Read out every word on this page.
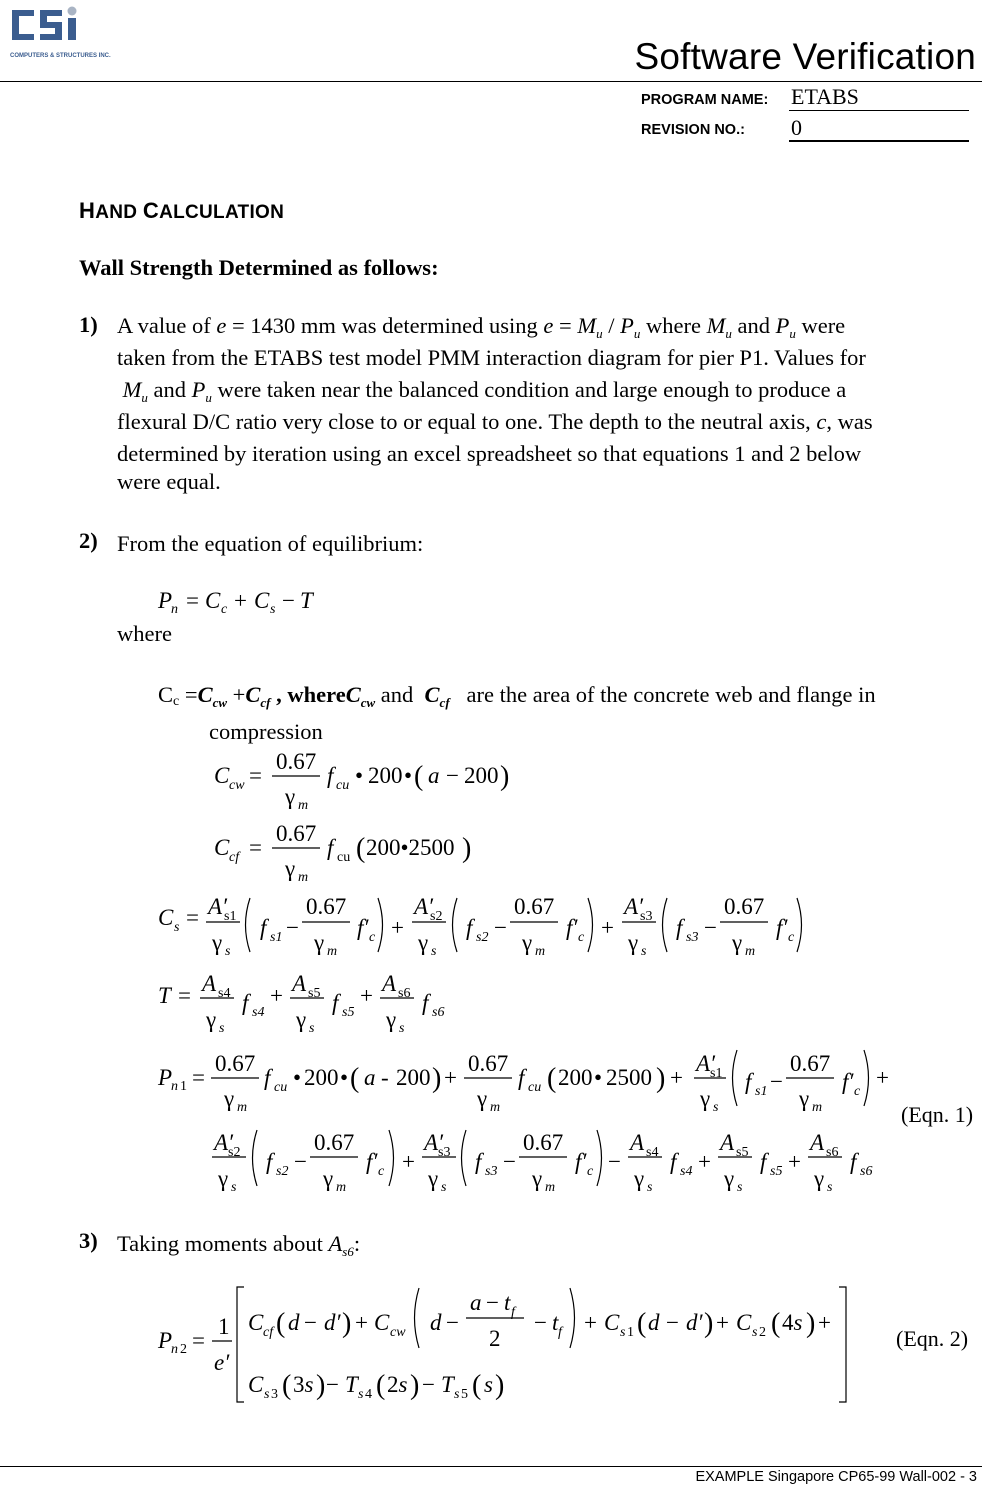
COMPUTERS & STRUCTURES INC.	Software Verification
PROGRAM NAME: ETABS
REVISION NO.: 0
HAND CALCULATION
Wall Strength Determined as follows:
1) A value of e = 1430 mm was determined using $e = M_u / P_u$ where $M_u$ and $P_u$ were
taken from the ETABS test model PMM interaction diagram for pier P1. Values for
$M_u$ and $P_u$ were taken near the balanced condition and large enough to produce a
flexural D/C ratio very close to or equal to one. The depth to the neutral axis, c, was
determined by iteration using an excel spreadsheet so that equations 1 and 2 below
were equal.
2) From the equation of equilibrium:
P
n = C c + C s − T
where
$Cc =C_{cw} +C_{cf}$ , whereC$_{cw}$ and $C_{cf}$ are the area of the concrete web and flange in
compression
C cw =
0.67
γ m
f cu • 200 • ( a − 200 )
C cf =
0.67
γ m
f cu ( 200•2500 )
C s = A′
s1
γ s
f s1 −
0.67
γ m
f′ c +
A′
s2
γ s
f s2 −
0.67
γ m
f′ c +
A′
s3
γ s
f s3 −
0.67
γ m
f′ c
T = A s4
γ s
f s4
+ A s5
γ s
f s5
+ A s6
γ s
f s6
P
n 1 =
0.67
γ m
f cu • 200 • ( a - 200 ) +
0.67
γ m
f cu ( 200 • 2500 ) +
A′
s1
γ s
f s1 −
0.67
γ m
f′ c
+
A′
s2
γ s
f s2 −
0.67
γ m
f′ c +
A′
s3
γ s
f s3 −
0.67
γ m
f′ c −
A s4
γ s
f s4 +
A s5
γ s
f s5 +
A s6
γ s
f s6
(Eqn. 1)
3) Taking moments about $A_{s6}$:
P
n 2 =
1
e′
C cf ( d − d′ ) + C cw d −
a − t f
2
− t f + C s 1 ( d − d′ ) + C s 2 ( 4s ) +
C s 3 ( 3s ) − T s 4 ( 2s ) − T s 5 ( s )
(Eqn. 2)
EXAMPLE Singapore CP65-99 Wall-002 - 3
